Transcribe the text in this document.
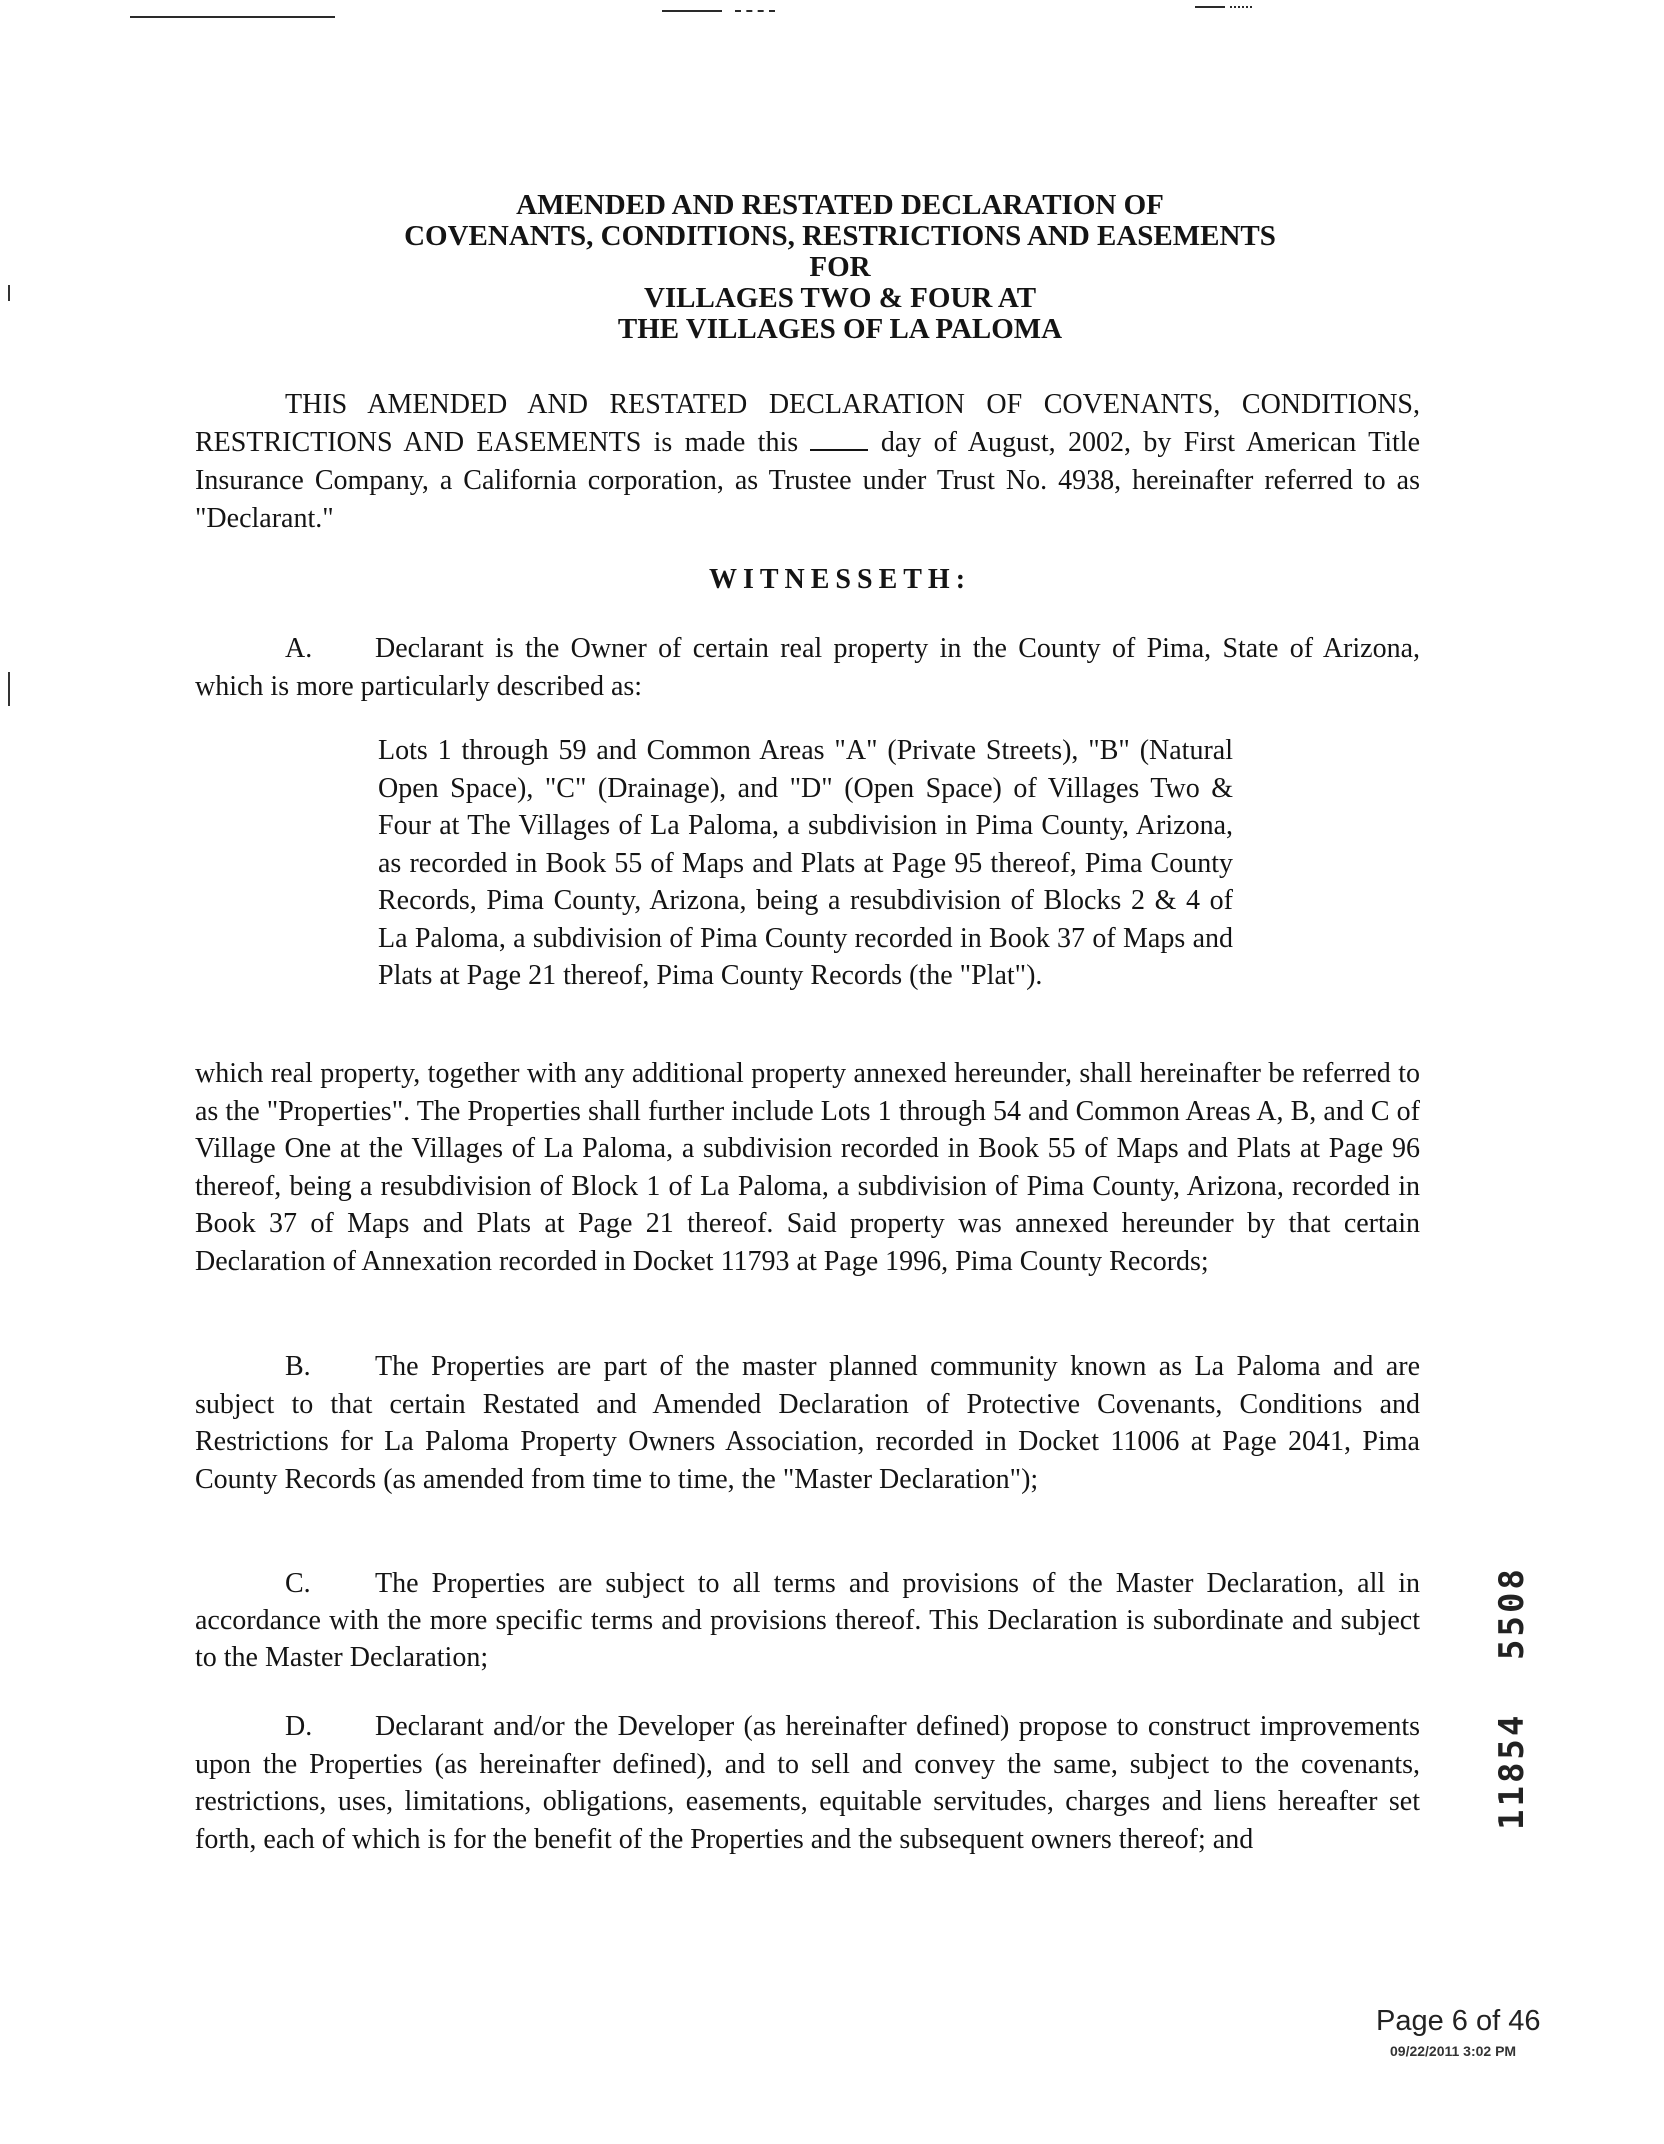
AMENDED AND RESTATED DECLARATION OF
COVENANTS, CONDITIONS, RESTRICTIONS AND EASEMENTS
FOR
VILLAGES TWO & FOUR AT
THE VILLAGES OF LA PALOMA
THIS AMENDED AND RESTATED DECLARATION OF COVENANTS, CONDITIONS, RESTRICTIONS AND EASEMENTS is made this	day of August, 2002, by First American Title Insurance Company, a California corporation, as Trustee under Trust No. 4938, hereinafter referred to as "Declarant."
WITNESSETH:
A. Declarant is the Owner of certain real property in the County of Pima, State of Arizona, which is more particularly described as:
Lots 1 through 59 and Common Areas "A" (Private Streets), "B" (Natural Open Space), "C" (Drainage), and "D" (Open Space) of Villages Two & Four at The Villages of La Paloma, a subdivision in Pima County, Arizona, as recorded in Book 55 of Maps and Plats at Page 95 thereof, Pima County Records, Pima County, Arizona, being a resubdivision of Blocks 2 & 4 of La Paloma, a subdivision of Pima County recorded in Book 37 of Maps and Plats at Page 21 thereof, Pima County Records (the "Plat").
which real property, together with any additional property annexed hereunder, shall hereinafter be referred to as the "Properties". The Properties shall further include Lots 1 through 54 and Common Areas A, B, and C of Village One at the Villages of La Paloma, a subdivision recorded in Book 55 of Maps and Plats at Page 96 thereof, being a resubdivision of Block 1 of La Paloma, a subdivision of Pima County, Arizona, recorded in Book 37 of Maps and Plats at Page 21 thereof. Said property was annexed hereunder by that certain Declaration of Annexation recorded in Docket 11793 at Page 1996, Pima County Records;
B. The Properties are part of the master planned community known as La Paloma and are subject to that certain Restated and Amended Declaration of Protective Covenants, Conditions and Restrictions for La Paloma Property Owners Association, recorded in Docket 11006 at Page 2041, Pima County Records (as amended from time to time, the "Master Declaration");
C. The Properties are subject to all terms and provisions of the Master Declaration, all in accordance with the more specific terms and provisions thereof. This Declaration is subordinate and subject to the Master Declaration;
D. Declarant and/or the Developer (as hereinafter defined) propose to construct improvements upon the Properties (as hereinafter defined), and to sell and convey the same, subject to the covenants, restrictions, uses, limitations, obligations, easements, equitable servitudes, charges and liens hereafter set forth, each of which is for the benefit of the Properties and the subsequent owners thereof; and
5508
11854
Page 6 of 46
09/22/2011 3:02 PM
